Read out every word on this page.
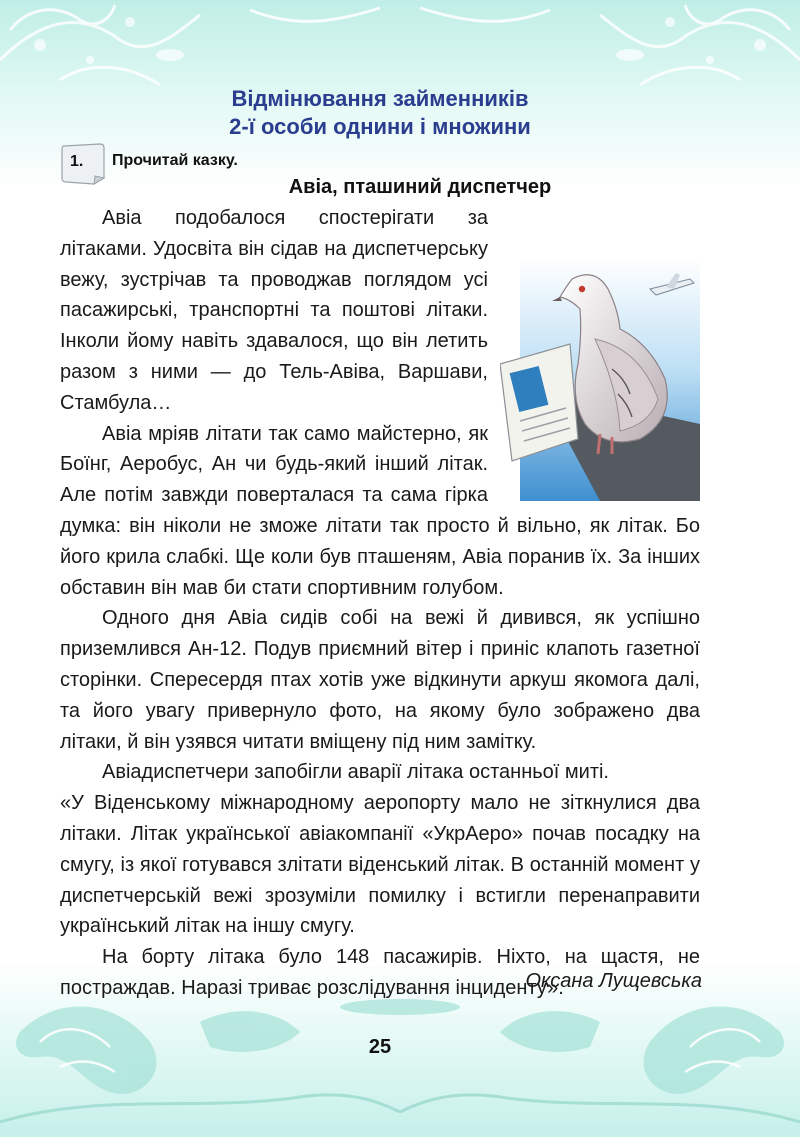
Відмінювання займенників
2-ї особи однини і множини
1. Прочитай казку.
Авіа, пташиний диспетчер

Авіа подобалося спостерігати за літаками. Удосвіта він сідав на диспетчерську вежу, зустрічав та проводжав поглядом усі пасажирські, транспортні та поштові літаки. Інколи йому навіть здавалося, що він летить разом з ними — до Тель-Авіва, Варшави, Стамбула…

Авіа мріяв літати так само майстерно, як Боїнг, Аеробус, Ан чи будь-який інший літак. Але потім завжди поверталася та сама гірка думка: він ніколи не зможе літати так просто й вільно, як літак. Бо його крила слабкі. Ще коли був пташеням, Авіа поранив їх. За інших обставин він мав би стати спортивним голубом.

Одного дня Авіа сидів собі на вежі й дивився, як успішно приземлився Ан-12. Подув приємний вітер і приніс клапоть газетної сторінки. Спересердя птах хотів уже відкинути аркуш якомога далі, та його увагу привернуло фото, на якому було зображено два літаки, й він узявся читати вміщену під ним замітку.

Авіадиспетчери запобігли аварії літака останньої миті.

«У Віденському міжнародному аеропорту мало не зіткнулися два літаки. Літак української авіакомпанії «УкрАеро» почав посадку на смугу, із якої готувався злітати віденський літак. В останній момент у диспетчерській вежі зрозуміли помилку і встигли перенаправити український літак на іншу смугу.

На борту літака було 148 пасажирів. Ніхто, на щастя, не постраждав. Наразі триває розслідування інциденту».

Оксана Лущевська
25
